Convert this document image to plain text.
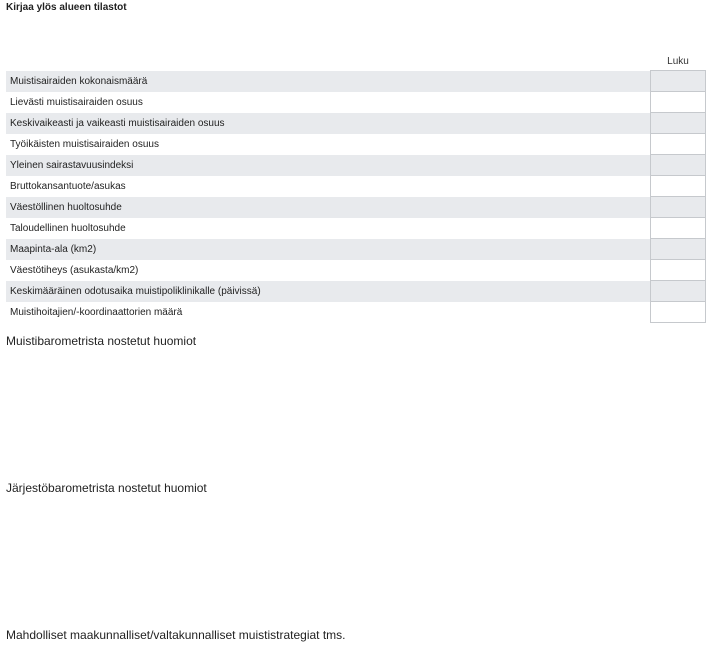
Kirjaa ylös alueen tilastot
	Luku
Muistisairaiden kokonaismäärä	
Lievästi muistisairaiden osuus	
Keskivaikeasti ja vaikeasti muistisairaiden osuus	
Työikäisten muistisairaiden osuus	
Yleinen sairastavuusindeksi	
Bruttokansantuote/asukas	
Väestöllinen huoltosuhde	
Taloudellinen huoltosuhde	
Maapinta-ala (km2)	
Väestötiheys (asukasta/km2)	
Keskimääräinen odotusaika muistipoliklinikalle (päivissä)	
Muistihoitajien/-koordinaattorien määrä	
Muistibarometrista nostetut huomiot
Järjestöbarometrista nostetut huomiot
Mahdolliset maakunnalliset/valtakunnalliset muististrategiat tms.
